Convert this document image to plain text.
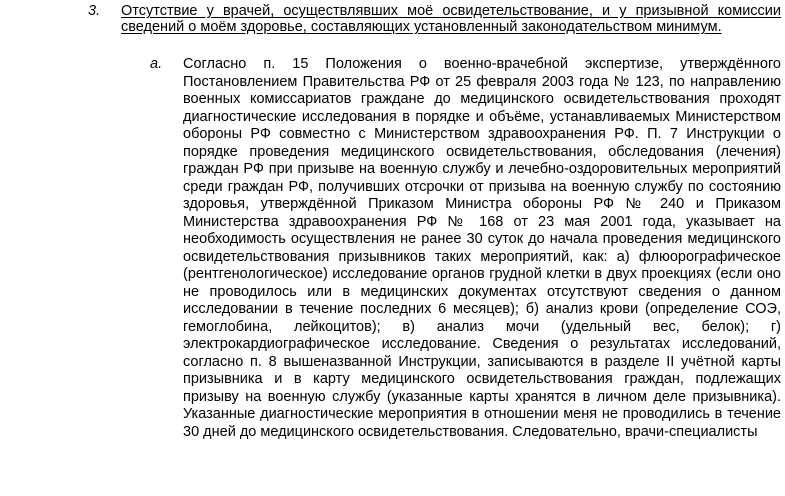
3. Отсутствие у врачей, осуществлявших моё освидетельствование, и у призывной комиссии сведений о моём здоровье, составляющих установленный законодательством минимум.
a. Согласно п. 15 Положения о военно-врачебной экспертизе, утверждённого Постановлением Правительства РФ от 25 февраля 2003 года № 123, по направлению военных комиссариатов граждане до медицинского освидетельствования проходят диагностические исследования в порядке и объёме, устанавливаемых Министерством обороны РФ совместно с Министерством здравоохранения РФ. П. 7 Инструкции о порядке проведения медицинского освидетельствования, обследования (лечения) граждан РФ при призыве на военную службу и лечебно-оздоровительных мероприятий среди граждан РФ, получивших отсрочки от призыва на военную службу по состоянию здоровья, утверждённой Приказом Министра обороны РФ № 240 и Приказом Министерства здравоохранения РФ № 168 от 23 мая 2001 года, указывает на необходимость осуществления не ранее 30 суток до начала проведения медицинского освидетельствования призывников таких мероприятий, как: а) флюорографическое (рентгенологическое) исследование органов грудной клетки в двух проекциях (если оно не проводилось или в медицинских документах отсутствуют сведения о данном исследовании в течение последних 6 месяцев); б) анализ крови (определение СОЭ, гемоглобина, лейкоцитов); в) анализ мочи (удельный вес, белок); г) электрокардиографическое исследование. Сведения о результатах исследований, согласно п. 8 вышеназванной Инструкции, записываются в разделе II учётной карты призывника и в карту медицинского освидетельствования граждан, подлежащих призыву на военную службу (указанные карты хранятся в личном деле призывника). Указанные диагностические мероприятия в отношении меня не проводились в течение 30 дней до медицинского освидетельствования. Следовательно, врачи-специалисты
